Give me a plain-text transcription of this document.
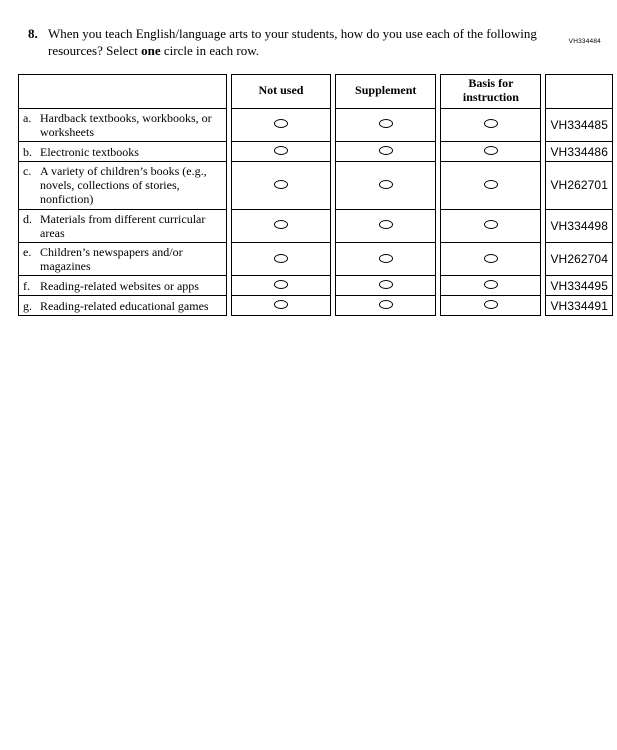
VH334484
8. When you teach English/language arts to your students, how do you use each of the following resources? Select one circle in each row.
	Not used	Supplement	Basis for instruction	

a. Hardback textbooks, workbooks, or worksheets				VH334485

b. Electronic textbooks				VH334486

c. A variety of children’s books (e.g., novels, collections of stories, nonfiction)				VH262701

d. Materials from different curricular areas				VH334498

e. Children’s newspapers and/or magazines				VH262704

f. Reading-related websites or apps				VH334495

g. Reading-related educational games				VH334491
